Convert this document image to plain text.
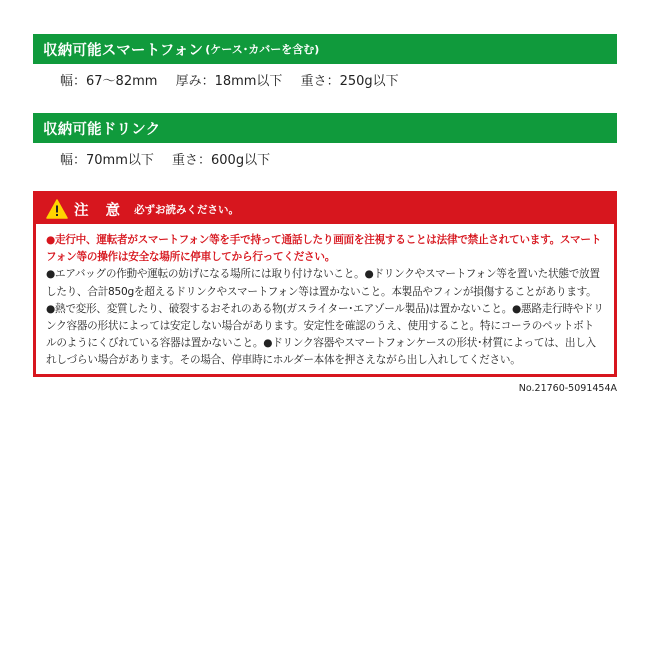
収納可能スマートフォン (ケース･カバーを含む)
幅：67〜82mm 厚み：18mm以下 重さ：250g以下
収納可能ドリンク
幅：70mm以下 重さ：600g以下
注 意 必ずお読みください。
●走行中、運転者がスマートフォン等を手で持って通話したり画面を注視することは法律で禁止されています。スマートフォン等の操作は安全な場所に停車してから行ってください。
●エアバッグの作動や運転の妨げになる場所には取り付けないこと。●ドリンクやスマートフォン等を置いた状態で放置したり、合計850gを超えるドリンクやスマートフォン等は置かないこと。本製品やフィンが損傷することがあります。●熱で変形、変質したり、破裂するおそれのある物(ガスライター･エアゾール製品)は置かないこと。●悪路走行時やドリンク容器の形状によっては安定しない場合があります。安定性を確認のうえ、使用すること。特にコーラのペットボトルのようにくびれている容器は置かないこと。●ドリンク容器やスマートフォンケースの形状･材質によっては、出し入れしづらい場合があります。その場合、停車時にホルダー本体を押さえながら出し入れしてください。
No.21760-5091454A
